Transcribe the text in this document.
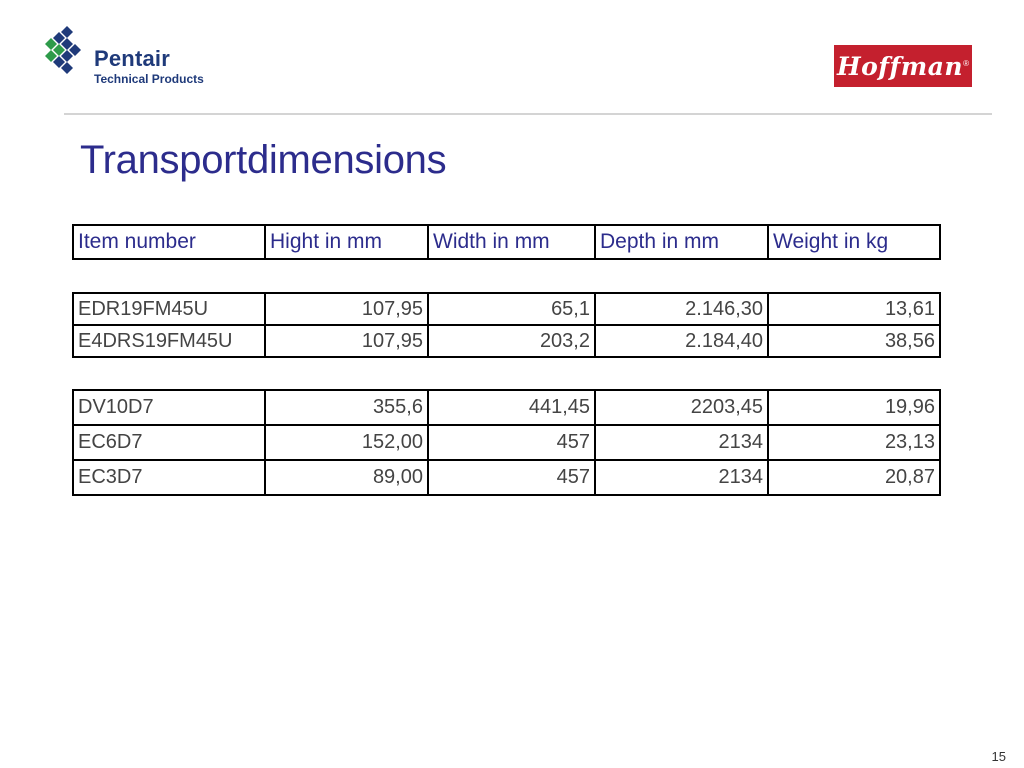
Pentair
Technical Products	Hoffman ®
Transportdimensions
Item number	Hight in mm	Width in mm	Depth in mm	Weight in kg
EDR19FM45U	107,95	65,1	2.146,30	13,61
E4DRS19FM45U	107,95	203,2	2.184,40	38,56
DV10D7	355,6	441,45	2203,45	19,96
EC6D7	152,00	457	2134	23,13
EC3D7	89,00	457	2134	20,87
15
